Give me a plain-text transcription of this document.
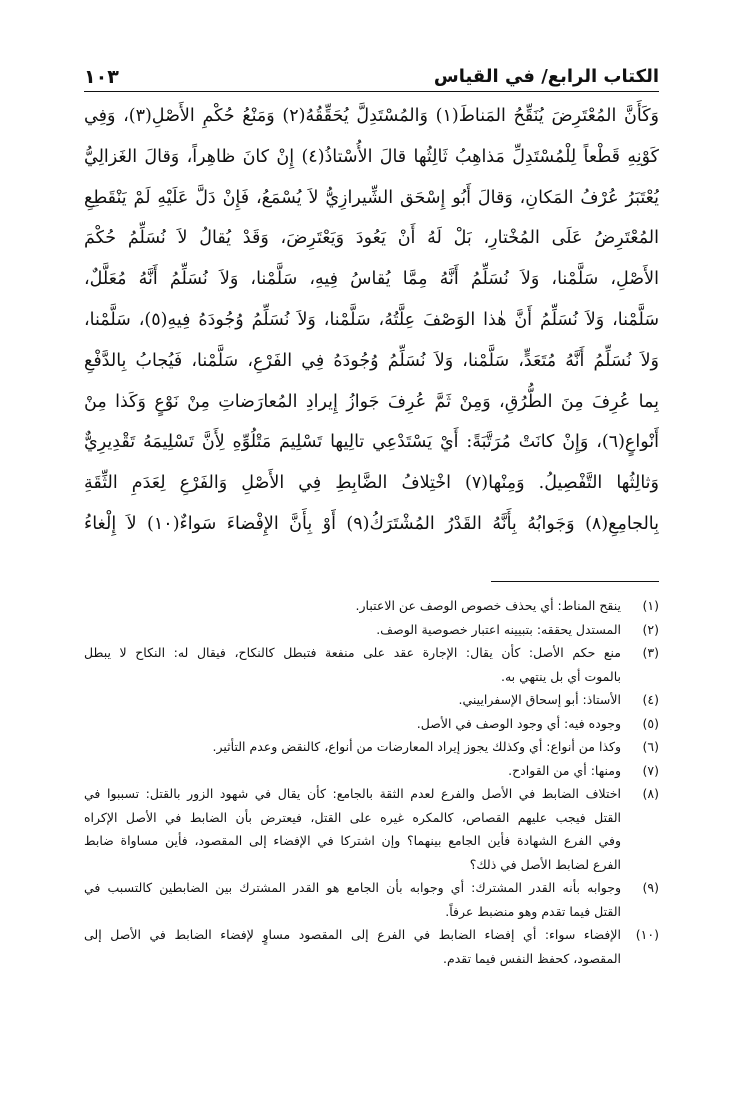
الكتاب الرابع/ في القياس
١٠٣
وَكَأَنَّ المُعْتَرِضَ يُنَقِّحُ المَناطَ(١) وَالمُسْتَدِلَّ يُحَقِّقُهُ(٢) وَمَنْعُ حُكْمِ الأَصْلِ(٣)، وَفِي
كَوْنِهِ قَطْعاً لِلْمُسْتَدِلِّ مَذاهِبُ ثَالِثُها قالَ الأُسْتاذُ(٤) إِنْ كانَ ظاهِراً، وَقالَ الغَزالِيُّ
يُعْتَبَرُ عُرْفُ المَكانِ، وَقالَ أَبُو إِسْحَق الشِّيرازِيُّ لاَ يُسْمَعُ، فَإِنْ دَلَّ عَلَيْهِ لَمْ يَنْقَطِعِ
المُعْتَرِضُ عَلَى المُخْتارِ، بَلْ لَهُ أَنْ يَعُودَ وَيَعْتَرِضَ، وَقَدْ يُقالُ لاَ نُسَلِّمُ حُكْمَ
الأَصْلِ، سَلَّمْنا، وَلاَ نُسَلِّمُ أَنَّهُ مِمَّا يُقاسُ فِيهِ، سَلَّمْنا، وَلاَ نُسَلِّمُ أَنَّهُ مُعَلَّلٌ،
سَلَّمْنا، وَلاَ نُسَلِّمُ أَنَّ هٰذا الوَصْفَ عِلَّتُهُ، سَلَّمْنا، وَلاَ نُسَلِّمُ وُجُودَهُ فِيهِ(٥)، سَلَّمْنا،
وَلاَ نُسَلِّمُ أَنَّهُ مُتَعَدٍّ، سَلَّمْنا، وَلاَ نُسَلِّمُ وُجُودَهُ فِي الفَرْعِ، سَلَّمْنا، فَيُجابُ بِالدَّفْعِ
بِما عُرِفَ مِنَ الطُّرُقِ، وَمِنْ ثَمَّ عُرِفَ جَوازُ إِيرادِ المُعارَضاتِ مِنْ نَوْعٍ وَكَذا مِنْ
أَنْواعٍ(٦)، وَإِنْ كانَتْ مُرَتَّبَةً: أَيْ يَسْتَدْعِي تالِيها تَسْلِيمَ مَتْلُوِّهِ لِأَنَّ تَسْلِيمَهُ تَقْدِيرِيٌّ
وَثالِثُها التَّفْصِيلُ. وَمِنْها(٧) اخْتِلافُ الضَّابِطِ فِي الأَصْلِ وَالفَرْعِ لِعَدَمِ الثِّقَةِ
بِالجامِعِ(٨) وَجَوابُهُ بِأَنَّهُ القَدْرُ المُشْتَرَكُ(٩) أَوْ بِأَنَّ الإِفْضاءَ سَواءٌ(١٠) لاَ إِلْغاءُ
(١)
ينقح المناط: أي يحذف خصوص الوصف عن الاعتبار.
(٢)
المستدل يحققه: بتبيينه اعتبار خصوصية الوصف.
(٣)
منع حكم الأصل: كأن يقال: الإجارة عقد على منفعة فتبطل كالنكاح، فيقال له: النكاح لا يبطل
بالموت أي بل ينتهي به.
(٤)
الأستاذ: أبو إسحاق الإسفراييني.
(٥)
وجوده فيه: أي وجود الوصف في الأصل.
(٦)
وكذا من أنواع: أي وكذلك يجوز إيراد المعارضات من أنواع، كالنقض وعدم التأثير.
(٧)
ومنها: أي من القوادح.
(٨)
اختلاف الضابط في الأصل والفرع لعدم الثقة بالجامع: كأن يقال في شهود الزور بالقتل: تسببوا في
القتل فيجب عليهم القصاص، كالمكره غيره على القتل، فيعترض بأن الضابط في الأصل الإكراه
وفي الفرع الشهادة فأين الجامع بينهما؟ وإن اشتركا في الإفضاء إلى المقصود، فأين مساواة ضابط
الفرع لضابط الأصل في ذلك؟
(٩)
وجوابه بأنه القدر المشترك: أي وجوابه بأن الجامع هو القدر المشترك بين الضابطين كالتسبب في
القتل فيما تقدم وهو منضبط عرفاً.
(١٠)
الإفضاء سواء: أي إفضاء الضابط في الفرع إلى المقصود مساوٍ لإفضاء الضابط في الأصل إلى
المقصود، كحفظ النفس فيما تقدم.
